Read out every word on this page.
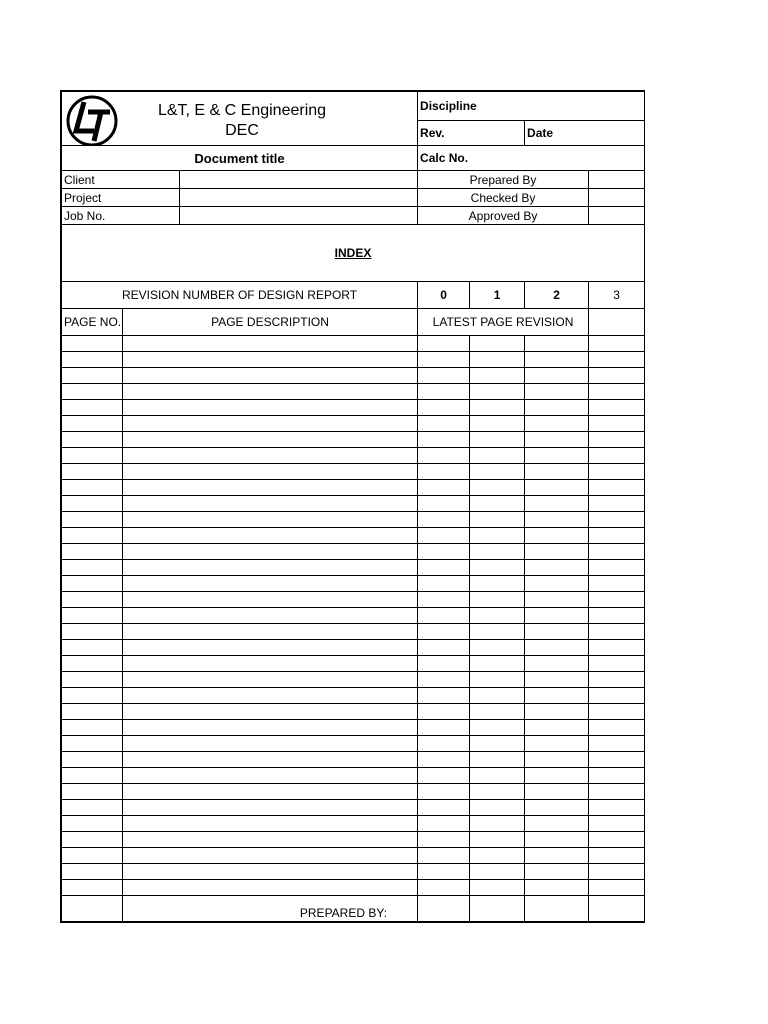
L&T, E & C Engineering
DEC			Discipline			
			Rev.		Date	
Document title			Calc No.			
Client			Prepared By			
Project			Checked By			
Job No.			Approved By			
INDEX						
REVISION NUMBER OF DESIGN REPORT			0	1	2	3
PAGE NO.	PAGE DESCRIPTION		LATEST PAGE REVISION			

	PREPARED BY:					
